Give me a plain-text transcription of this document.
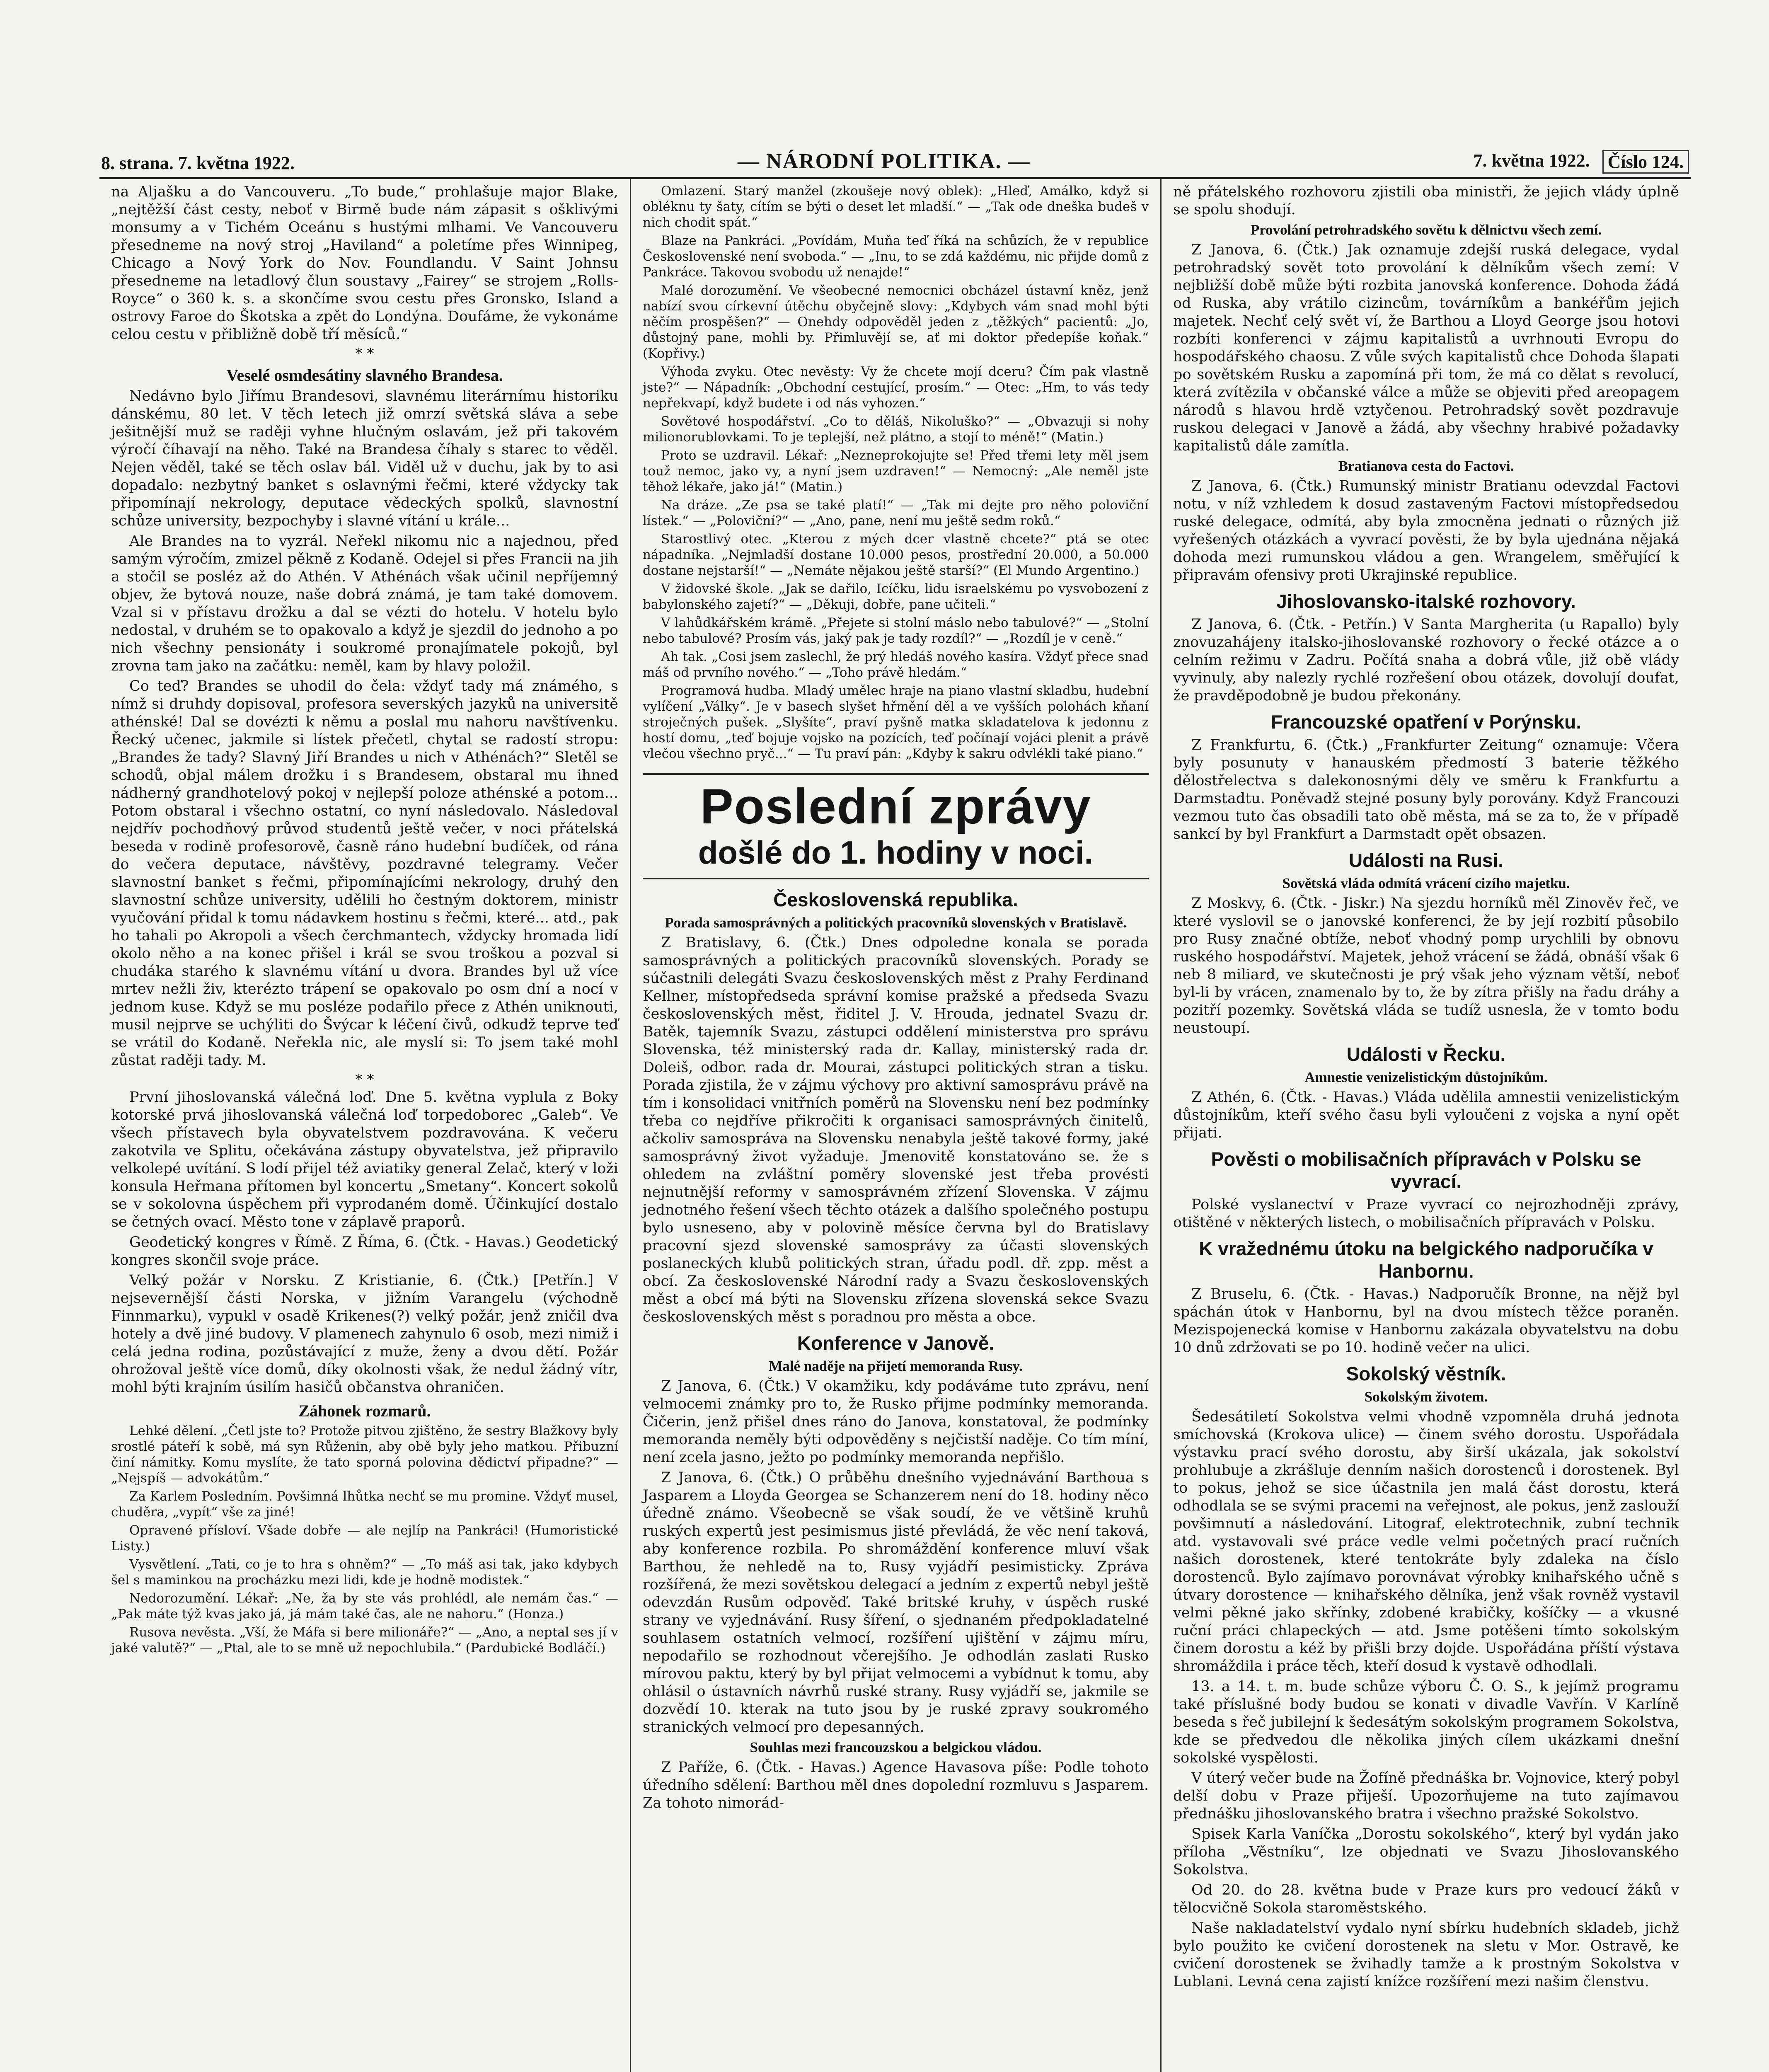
8. strana. 7. května 1922.	— NÁRODNÍ POLITIKA. —	7. května 1922. Číslo 124.

na Aljašku a do Vancouveru. „To bude,“ prohlašuje major Blake, „nejtěžší část cesty, neboť v Birmě bude nám zápasit s ošklivými monsumy a v Tichém Oceánu s hustými mlhami. Ve Vancouveru přesedneme na nový stroj „Haviland“ a poletíme přes Winnipeg, Chicago a Nový York do Nov. Foundlandu. V Saint Johnsu přesedneme na letadlový člun soustavy „Fairey“ se strojem „Rolls-Royce“ o 360 k. s. a skončíme svou cestu přes Gronsko, Island a ostrovy Faroe do Škotska a zpět do Londýna. Doufáme, že vykonáme celou cestu v přibližně době tří měsíců.“

* *
Veselé osmdesátiny slavného Brandesa.

Nedávno bylo Jiřímu Brandesovi, slavnému literárnímu historiku dánskému, 80 let. V těch letech již omrzí světská sláva a sebe ješitnější muž se raději vyhne hlučným oslavám, jež při takovém výročí číhavají na něho. Také na Brandesa číhaly s starec to věděl. Nejen věděl, také se těch oslav bál. Viděl už v duchu, jak by to asi dopadalo: nezbytný banket s oslavnými řečmi, které vždycky tak připomínají nekrology, deputace vědeckých spolků, slavnostní schůze university, bezpochyby i slavné vítání u krále...

Ale Brandes na to vyzrál. Neřekl nikomu nic a najednou, před samým výročím, zmizel pěkně z Kodaně. Odejel si přes Francii na jih a stočil se posléz až do Athén. V Athénách však učinil nepříjemný objev, že bytová nouze, naše dobrá známá, je tam také domovem. Vzal si v přístavu drožku a dal se vézti do hotelu. V hotelu bylo nedostal, v druhém se to opakovalo a když je sjezdil do jednoho a po nich všechny pensionáty i soukromé pronajímatele pokojů, byl zrovna tam jako na začátku: neměl, kam by hlavy položil.

Co teď? Brandes se uhodil do čela: vždyť tady má známého, s nímž si druhdy dopisoval, profesora severských jazyků na universitě athénské! Dal se dovézti k němu a poslal mu nahoru navštívenku. Řecký učenec, jakmile si lístek přečetl, chytal se radostí stropu: „Brandes že tady? Slavný Jiří Brandes u nich v Athénách?“ Sletěl se schodů, objal málem drožku i s Brandesem, obstaral mu ihned nádherný grandhotelový pokoj v nejlepší poloze athénské a potom... Potom obstaral i všechno ostatní, co nyní následovalo. Následoval nejdřív pochodňový průvod studentů ještě večer, v noci přátelská beseda v rodině profesorově, časně ráno hudební budíček, od rána do večera deputace, návštěvy, pozdravné telegramy. Večer slavnostní banket s řečmi, připomínajícími nekrology, druhý den slavnostní schůze university, udělili ho čestným doktorem, ministr vyučování přidal k tomu nádavkem hostinu s řečmi, které... atd., pak ho tahali po Akropoli a všech čerchmantech, vždycky hromada lidí okolo něho a na konec přišel i král se svou troškou a pozval si chudáka starého k slavnému vítání u dvora. Brandes byl už více mrtev nežli živ, kterézto trápení se opakovalo po osm dní a nocí v jednom kuse. Když se mu posléze podařilo přece z Athén uniknouti, musil nejprve se uchýliti do Švýcar k léčení čivů, odkudž teprve teď se vrátil do Kodaně. Neřekla nic, ale myslí si: To jsem také mohl zůstat raději tady. M.

* *

První jihoslovanská válečná loď. Dne 5. května vyplula z Boky kotorské prvá jihoslovanská válečná loď torpedoborec „Galeb“. Ve všech přístavech byla obyvatelstvem pozdravována. K večeru zakotvila ve Splitu, očekávána zástupy obyvatelstva, jež připravilo velkolepé uvítání. S lodí přijel též aviatiky general Zelač, který v loži konsula Heřmana přítomen byl koncertu „Smetany“. Koncert sokolů se v sokolovna úspěchem při vyprodaném domě. Účinkující dostalo se četných ovací. Město tone v záplavě praporů.

Geodetický kongres v Římě. Z Říma, 6. (Čtk. - Havas.) Geodetický kongres skončil svoje práce.

Velký požár v Norsku. Z Kristianie, 6. (Čtk.) [Petřín.] V nejsevernější části Norska, v jižním Varangelu (východně Finnmarku), vypukl v osadě Krikenes(?) velký požár, jenž zničil dva hotely a dvě jiné budovy. V plamenech zahynulo 6 osob, mezi nimiž i celá jedna rodina, pozůstávající z muže, ženy a dvou dětí. Požár ohrožoval ještě více domů, díky okolnosti však, že nedul žádný vítr, mohl býti krajním úsilím hasičů občanstva ohraničen.

Záhonek rozmarů.

Lehké dělení. „Četl jste to? Protože pitvou zjištěno, že sestry Blažkovy byly srostlé páteří k sobě, má syn Růženin, aby obě byly jeho matkou. Přibuzní činí námitky. Komu myslíte, že tato sporná polovina dědictví připadne?“ — „Nejspíš — advokátům.“

Za Karlem Posledním. Povšimná lhůtka nechť se mu promine. Vždyť musel, chuděra, „vypít“ vše za jiné!

Opravené přísloví. Všade dobře — ale nejlíp na Pankráci! (Humoristické Listy.)

Vysvětlení. „Tati, co je to hra s ohněm?“ — „To máš asi tak, jako kdybych šel s maminkou na procházku mezi lidi, kde je hodně modistek.“

Nedorozumění. Lékař: „Ne, ža by ste vás prohlédl, ale nemám čas.“ — „Pak máte týž kvas jako já, já mám také čas, ale ne nahoru.“ (Honza.)

Rusova nevěsta. „Vší, že Máfa si bere milionáře?“ — „Ano, a neptal ses jí v jaké valutě?“ — „Ptal, ale to se mně už nepochlubila.“ (Pardubické Bodláčí.)

Omlazení. Starý manžel (zkoušeje nový oblek): „Hleď, Amálko, když si obléknu ty šaty, cítím se býti o deset let mladší.“ — „Tak ode dneška budeš v nich chodit spát.“

Blaze na Pankráci. „Povídám, Muňa teď říká na schůzích, že v republice Československé není svoboda.“ — „Inu, to se zdá každému, nic přijde domů z Pankráce. Takovou svobodu už nenajde!“

Malé dorozumění. Ve všeobecné nemocnici obcházel ústavní kněz, jenž nabízí svou církevní útěchu obyčejně slovy: „Kdybych vám snad mohl býti něčím prospěšen?“ — Onehdy odpověděl jeden z „těžkých“ pacientů: „Jo, důstojný pane, mohli by. Přimluvějí se, ať mi doktor předepíše koňak.“ (Kopřivy.)

Výhoda zvyku. Otec nevěsty: Vy že chcete mojí dceru? Čím pak vlastně jste?“ — Nápadník: „Obchodní cestující, prosím.“ — Otec: „Hm, to vás tedy nepřekvapí, když budete i od nás vyhozen.“

Sovětové hospodářství. „Co to děláš, Nikoluško?“ — „Obvazuji si nohy milionorublovkami. To je teplejší, než plátno, a stojí to méně!“ (Matin.)

Proto se uzdravil. Lékař: „Nezneprokojujte se! Před třemi lety měl jsem touž nemoc, jako vy, a nyní jsem uzdraven!“ — Nemocný: „Ale neměl jste těhož lékaře, jako já!“ (Matin.)

Na dráze. „Ze psa se také platí!“ — „Tak mi dejte pro něho poloviční lístek.“ — „Poloviční?“ — „Ano, pane, není mu ještě sedm roků.“

Starostlivý otec. „Kterou z mých dcer vlastně chcete?“ ptá se otec nápadníka. „Nejmladší dostane 10.000 pesos, prostřední 20.000, a 50.000 dostane nejstarší!“ — „Nemáte nějakou ještě starší?“ (El Mundo Argentino.)

V židovské škole. „Jak se dařilo, Icíčku, lidu israelskému po vysvobození z babylonského zajetí?“ — „Děkuji, dobře, pane učiteli.“

V lahůdkářském krámě. „Přejete si stolní máslo nebo tabulové?“ — „Stolní nebo tabulové? Prosím vás, jaký pak je tady rozdíl?“ — „Rozdíl je v ceně.“

Ah tak. „Cosi jsem zaslechl, že prý hledáš nového kasíra. Vždyť přece snad máš od prvního nového.“ — „Toho právě hledám.“

Programová hudba. Mladý umělec hraje na piano vlastní skladbu, hudební vylíčení „Války“. Je v basech slyšet hřmění děl a ve vyšších polohách kňaní stroječných pušek. „Slyšíte“, praví pyšně matka skladatelova k jedonnu z hostí domu, „teď bojuje vojsko na pozících, teď počínají vojáci plenit a právě vlečou všechno pryč...“ — Tu praví pán: „Kdyby k sakru odvlékli také piano.“

Poslední zprávy
došlé do 1. hodiny v noci.
Československá republika.
Porada samosprávných a politických pracovníků slovenských v Bratislavě.

Z Bratislavy, 6. (Čtk.) Dnes odpoledne konala se porada samosprávných a politických pracovníků slovenských. Porady se súčastnili delegáti Svazu československých měst z Prahy Ferdinand Kellner, místopředseda správní komise pražské a předseda Svazu československých měst, řiditel J. V. Hrouda, jednatel Svazu dr. Batěk, tajemník Svazu, zástupci oddělení ministerstva pro správu Slovenska, též ministerský rada dr. Kallay, ministerský rada dr. Doleiš, odbor. rada dr. Mourai, zástupci politických stran a tisku. Porada zjistila, že v zájmu výchovy pro aktivní samosprávu právě na tím i konsolidaci vnitřních poměrů na Slovensku není bez podmínky třeba co nejdříve přikročiti k organisaci samosprávných činitelů, ačkoliv samospráva na Slovensku nenabyla ještě takové formy, jaké samosprávný život vyžaduje. Jmenovitě konstatováno se. že s ohledem na zvláštní poměry slovenské jest třeba provésti nejnutnější reformy v samosprávném zřízení Slovenska. V zájmu jednotného řešení všech těchto otázek a dalšího společného postupu bylo usneseno, aby v polovině měsíce června byl do Bratislavy pracovní sjezd slovenské samosprávy za účasti slovenských poslaneckých klubů politických stran, úřadu podl. dř. zpp. měst a obcí. Za československé Národní rady a Svazu československých měst a obcí má býti na Slovensku zřízena slovenská sekce Svazu československých měst s poradnou pro města a obce.

Konference v Janově.
Malé naděje na přijetí memoranda Rusy.

Z Janova, 6. (Čtk.) V okamžiku, kdy podáváme tuto zprávu, není velmocemi známky pro to, že Rusko přijme podmínky memoranda. Čičerin, jenž přišel dnes ráno do Janova, konstatoval, že podmínky memoranda neměly býti odpověděny s nejčistší naděje. Co tím míní, není zcela jasno, ježto po podmínky memoranda nepřišlo.

Z Janova, 6. (Čtk.) O průběhu dnešního vyjednávání Barthoua s Jasparem a Lloyda Georgea se Schanzerem není do 18. hodiny něco úředně známo. Všeobecně se však soudí, že ve většině kruhů ruských expertů jest pesimismus jisté převládá, že věc není taková, aby konference rozbila. Po shromáždění konference mluví však Barthou, že nehledě na to, Rusy vyjádří pesimisticky. Zpráva rozšířená, že mezi sovětskou delegací a jedním z expertů nebyl ještě odevzdán Rusům odpověď. Také britské kruhy, v úspěch ruské strany ve vyjednávání. Rusy šíření, o sjednaném předpokladatelné souhlasem ostatních velmocí, rozšíření ujištění v zájmu míru, nepodařilo se rozhodnout včerejšího. Je odhodlán zaslati Rusko mírovou paktu, který by byl přijat velmocemi a vybídnut k tomu, aby ohlásil o ústavních návrhů ruské strany. Rusy vyjádří se, jakmile se dozvědí 10. kterak na tuto jsou by je ruské zpravy soukromého stranických velmocí pro depesanných.

Souhlas mezi francouzskou a belgickou vládou.

Z Paříže, 6. (Čtk. - Havas.) Agence Havasova píše: Podle tohoto úředního sdělení: Barthou měl dnes dopolední rozmluvu s Jasparem. Za tohoto nimorád-

ně přátelského rozhovoru zjistili oba ministři, že jejich vlády úplně se spolu shodují.

Provolání petrohradského sovětu k dělnictvu všech zemí.

Z Janova, 6. (Čtk.) Jak oznamuje zdejší ruská delegace, vydal petrohradský sovět toto provolání k dělníkům všech zemí: V nejbližší době může býti rozbita janovská konference. Dohoda žádá od Ruska, aby vrátilo cizincům, továrníkům a bankéřům jejich majetek. Nechť celý svět ví, že Barthou a Lloyd George jsou hotovi rozbíti konferenci v zájmu kapitalistů a uvrhnouti Evropu do hospodářského chaosu. Z vůle svých kapitalistů chce Dohoda šlapati po sovětském Rusku a zapomíná při tom, že má co dělat s revolucí, která zvítězila v občanské válce a může se objeviti před areopagem národů s hlavou hrdě vztyčenou. Petrohradský sovět pozdravuje ruskou delegaci v Janově a žádá, aby všechny hrabivé požadavky kapitalistů dále zamítla.

Bratianova cesta do Factovi.

Z Janova, 6. (Čtk.) Rumunský ministr Bratianu odevzdal Factovi notu, v níž vzhledem k dosud zastaveným Factovi místopředsedou ruské delegace, odmítá, aby byla zmocněna jednati o různých již vyřešených otázkách a vyvrací pověsti, že by byla ujednána nějaká dohoda mezi rumunskou vládou a gen. Wrangelem, směřující k připravám ofensivy proti Ukrajinské republice.

Jihoslovansko-italské rozhovory.

Z Janova, 6. (Čtk. - Petřín.) V Santa Margherita (u Rapallo) byly znovuzahájeny italsko-jihoslovanské rozhovory o řecké otázce a o celním režimu v Zadru. Počítá snaha a dobrá vůle, již obě vlády vyvinuly, aby nalezly rychlé rozřešení obou otázek, dovolují doufat, že pravděpodobně je budou překonány.

Francouzské opatření v Porýnsku.

Z Frankfurtu, 6. (Čtk.) „Frankfurter Zeitung“ oznamuje: Včera byly posunuty v hanauském předmostí 3 baterie těžkého dělostřelectva s dalekonosnými děly ve směru k Frankfurtu a Darmstadtu. Poněvadž stejné posuny byly porovány. Když Francouzi vezmou tuto čas obsadili tato obě města, má se za to, že v případě sankcí by byl Frankfurt a Darmstadt opět obsazen.

Události na Rusi.
Sovětská vláda odmítá vrácení cizího majetku.

Z Moskvy, 6. (Čtk. - Jiskr.) Na sjezdu horníků měl Zinověv řeč, ve které vyslovil se o janovské konferenci, že by její rozbití působilo pro Rusy značné obtíže, neboť vhodný pomp urychlili by obnovu ruského hospodářství. Majetek, jehož vrácení se žádá, obnáší však 6 neb 8 miliard, ve skutečnosti je prý však jeho význam větší, neboť byl-li by vrácen, znamenalo by to, že by zítra přišly na řadu dráhy a pozitří pozemky. Sovětská vláda se tudíž usnesla, že v tomto bodu neustoupí.

Události v Řecku.
Amnestie venizelistickým důstojníkům.

Z Athén, 6. (Čtk. - Havas.) Vláda udělila amnestii venizelistickým důstojníkům, kteří svého času byli vyloučeni z vojska a nyní opět přijati.

Pověsti o mobilisačních přípravách v Polsku se vyvrací.

Polské vyslanectví v Praze vyvrací co nejrozhodněji zprávy, otištěné v některých listech, o mobilisačních přípravách v Polsku.

K vražednému útoku na belgického nadporučíka v Hanbornu.

Z Bruselu, 6. (Čtk. - Havas.) Nadporučík Bronne, na nějž byl spáchán útok v Hanbornu, byl na dvou místech těžce poraněn. Mezispojenecká komise v Hanbornu zakázala obyvatelstvu na dobu 10 dnů zdržovati se po 10. hodině večer na ulici.

Sokolský věstník.
Sokolským životem.

Šedesátiletí Sokolstva velmi vhodně vzpomněla druhá jednota smíchovská (Krokova ulice) — činem svého dorostu. Uspořádala výstavku prací svého dorostu, aby širší ukázala, jak sokolství prohlubuje a zkrášluje denním našich dorostenců i dorostenek. Byl to pokus, jehož se sice účastnila jen malá část dorostu, která odhodlala se se svými pracemi na veřejnost, ale pokus, jenž zaslouží povšimnutí a následování. Litograf, elektrotechnik, zubní technik atd. vystavovali své práce vedle velmi početných prací ručních našich dorostenek, které tentokráte byly zdaleka na číslo dorostenců. Bylo zajímavo porovnávat výrobky knihařského učně s útvary dorostence — knihařského dělníka, jenž však rovněž vystavil velmi pěkné jako skřínky, zdobené krabičky, košíčky — a vkusné ruční práci chlapeckých — atd. Jsme potěšeni tímto sokolským činem dorostu a kéž by přišli brzy dojde. Uspořádána příští výstava shromáždila i práce těch, kteří dosud k vystavě odhodlali.

13. a 14. t. m. bude schůze výboru Č. O. S., k jejímž programu také příslušné body budou se konati v divadle Vavřín. V Karlíně beseda s řeč jubilejní k šedesátým sokolským programem Sokolstva, kde se předvedou dle několika jiných cílem ukázkami dnešní sokolské vyspělosti.

V úterý večer bude na Žofíně přednáška br. Vojnovice, který pobyl delší dobu v Praze přiješí. Upozorňujeme na tuto zajímavou přednášku jihoslovanského bratra i všechno pražské Sokolstvo.

Spisek Karla Vaníčka „Dorostu sokolského“, který byl vydán jako příloha „Věstníku“, lze objednati ve Svazu Jihoslovanského Sokolstva.

Od 20. do 28. května bude v Praze kurs pro vedoucí žáků v tělocvičně Sokola staroměstského.

Naše nakladatelství vydalo nyní sbírku hudebních skladeb, jichž bylo použito ke cvičení dorostenek na sletu v Mor. Ostravě, ke cvičení dorostenek se žvihadly tamže a k prostným Sokolstva v Lublani. Levná cena zajistí knížce rozšíření mezi našim členstvu.
